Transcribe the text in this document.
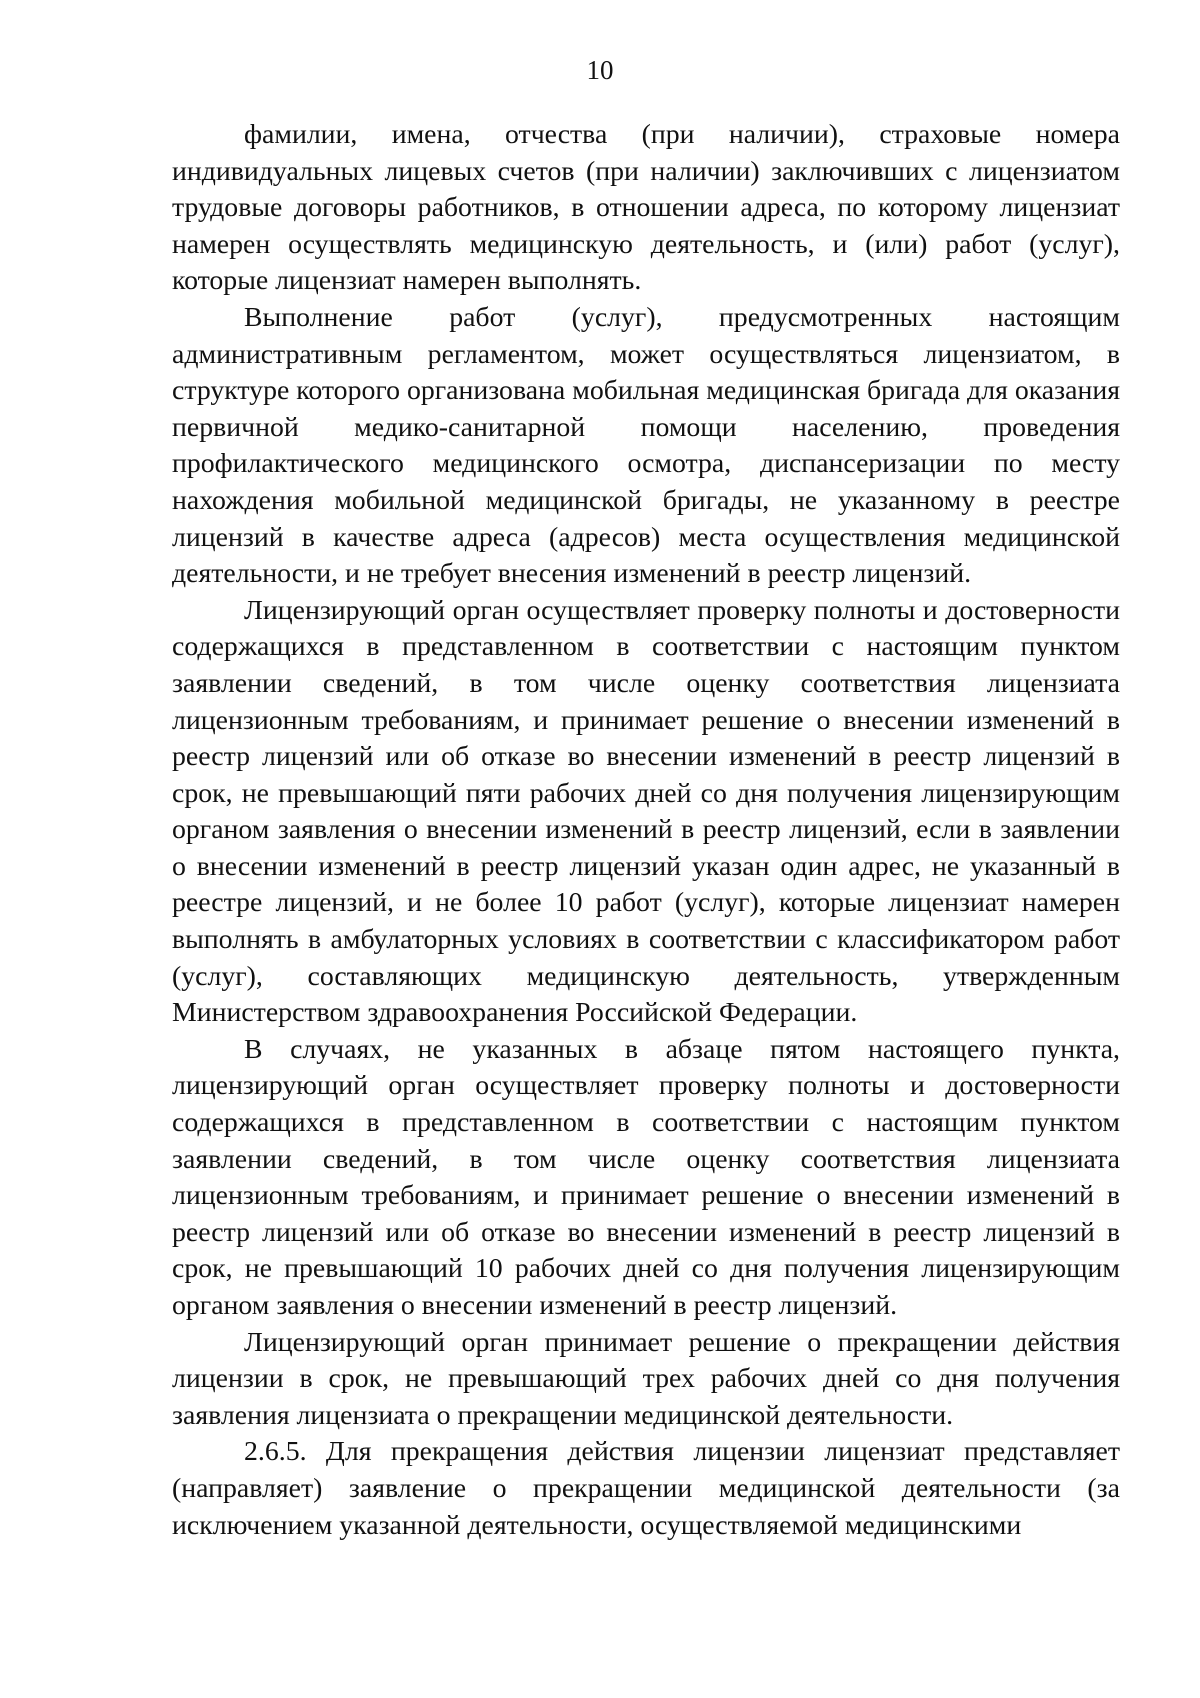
10

фамилии, имена, отчества (при наличии), страховые номера индивидуальных лицевых счетов (при наличии) заключивших с лицензиатом трудовые договоры работников, в отношении адреса, по которому лицензиат намерен осуществлять медицинскую деятельность, и (или) работ (услуг), которые лицензиат намерен выполнять.

Выполнение работ (услуг), предусмотренных настоящим административным регламентом, может осуществляться лицензиатом, в структуре которого организована мобильная медицинская бригада для оказания первичной медико-санитарной помощи населению, проведения профилактического медицинского осмотра, диспансеризации по месту нахождения мобильной медицинской бригады, не указанному в реестре лицензий в качестве адреса (адресов) места осуществления медицинской деятельности, и не требует внесения изменений в реестр лицензий.

Лицензирующий орган осуществляет проверку полноты и достоверности содержащихся в представленном в соответствии с настоящим пунктом заявлении сведений, в том числе оценку соответствия лицензиата лицензионным требованиям, и принимает решение о внесении изменений в реестр лицензий или об отказе во внесении изменений в реестр лицензий в срок, не превышающий пяти рабочих дней со дня получения лицензирующим органом заявления о внесении изменений в реестр лицензий, если в заявлении о внесении изменений в реестр лицензий указан один адрес, не указанный в реестре лицензий, и не более 10 работ (услуг), которые лицензиат намерен выполнять в амбулаторных условиях в соответствии с классификатором работ (услуг), составляющих медицинскую деятельность, утвержденным Министерством здравоохранения Российской Федерации.

В случаях, не указанных в абзаце пятом настоящего пункта, лицензирующий орган осуществляет проверку полноты и достоверности содержащихся в представленном в соответствии с настоящим пунктом заявлении сведений, в том числе оценку соответствия лицензиата лицензионным требованиям, и принимает решение о внесении изменений в реестр лицензий или об отказе во внесении изменений в реестр лицензий в срок, не превышающий 10 рабочих дней со дня получения лицензирующим органом заявления о внесении изменений в реестр лицензий.

Лицензирующий орган принимает решение о прекращении действия лицензии в срок, не превышающий трех рабочих дней со дня получения заявления лицензиата о прекращении медицинской деятельности.

2.6.5. Для прекращения действия лицензии лицензиат представляет (направляет) заявление о прекращении медицинской деятельности (за исключением указанной деятельности, осуществляемой медицинскими
